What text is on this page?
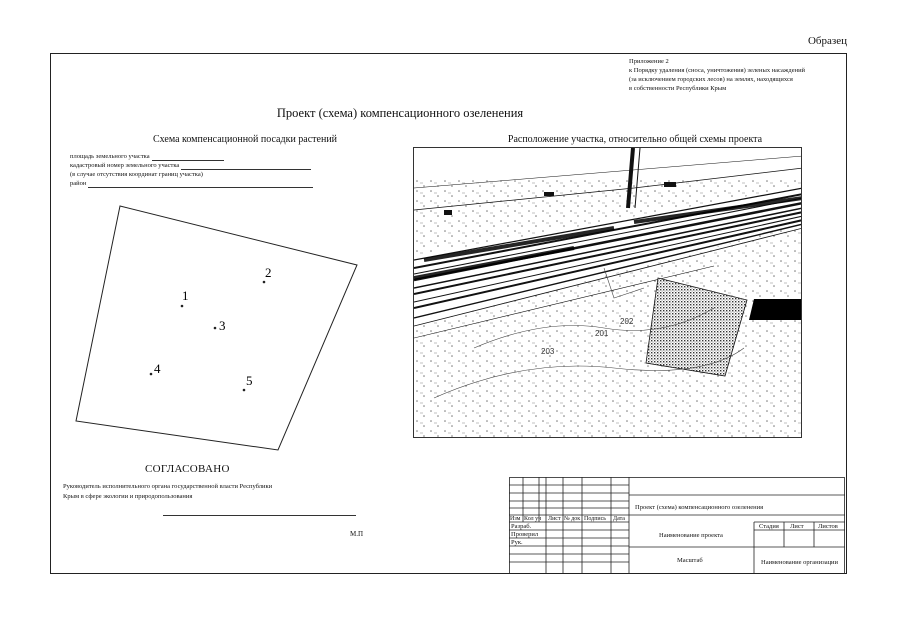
Образец
Приложение 2
к Порядку удаления (сноса, уничтожения) зеленых насаждений
(за исключением городских лесов) на землях, находящихся
в собственности Республики Крым
Проект (схема) компенсационного озеленения
Схема компенсационной посадки растений	Расположение участка, относительно общей схемы проекта
площадь земельного участка
кадастровый номер земельного участка
(в случае отсутствия координат границ участка)
район
1
2
3
4
5
201
202
203
СОГЛАСОВАНО
Руководитель исполнительного органа государственной власти Республики
Крым в сфере экологии и природопользования
М.П
Проект (схема) компенсационного озеленения
Изм Кол уч Лист № док Подпись Дата
Разраб.
Проверил
Рук.
Наименование проекта
Стадия Лист Листов
Масштаб	Наименование организации
